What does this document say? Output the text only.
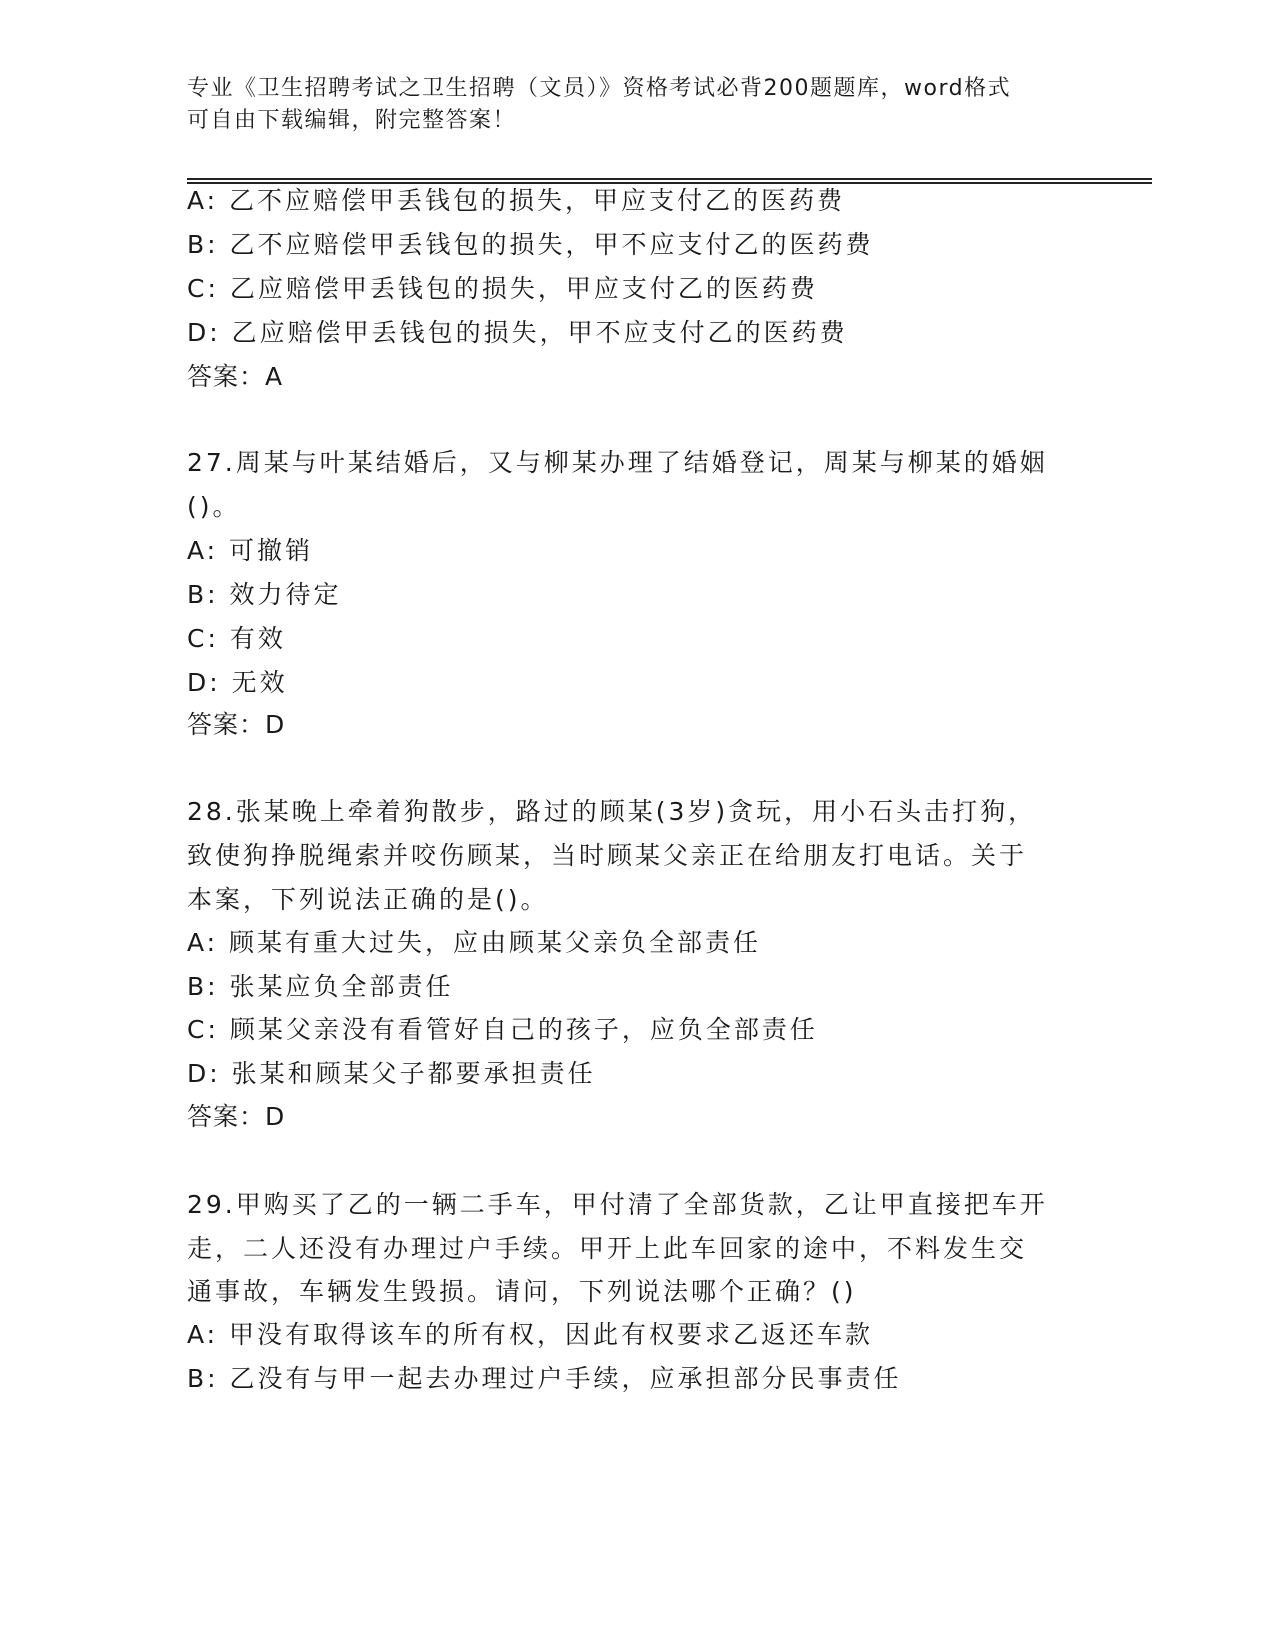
专业《卫生招聘考试之卫生招聘（文员）》资格考试必背200题题库，word格式
可自由下载编辑，附完整答案！
A: 乙不应赔偿甲丢钱包的损失，甲应支付乙的医药费
B: 乙不应赔偿甲丢钱包的损失，甲不应支付乙的医药费
C: 乙应赔偿甲丢钱包的损失，甲应支付乙的医药费
D: 乙应赔偿甲丢钱包的损失，甲不应支付乙的医药费
答案：A
27.周某与叶某结婚后，又与柳某办理了结婚登记，周某与柳某的婚姻
()。
A: 可撤销
B: 效力待定
C: 有效
D: 无效
答案：D
28.张某晚上牵着狗散步，路过的顾某(3岁)贪玩，用小石头击打狗，
致使狗挣脱绳索并咬伤顾某，当时顾某父亲正在给朋友打电话。关于
本案，下列说法正确的是()。
A: 顾某有重大过失，应由顾某父亲负全部责任
B: 张某应负全部责任
C: 顾某父亲没有看管好自己的孩子，应负全部责任
D: 张某和顾某父子都要承担责任
答案：D
29.甲购买了乙的一辆二手车，甲付清了全部货款，乙让甲直接把车开
走，二人还没有办理过户手续。甲开上此车回家的途中，不料发生交
通事故，车辆发生毁损。请问，下列说法哪个正确？()
A: 甲没有取得该车的所有权，因此有权要求乙返还车款
B: 乙没有与甲一起去办理过户手续，应承担部分民事责任
